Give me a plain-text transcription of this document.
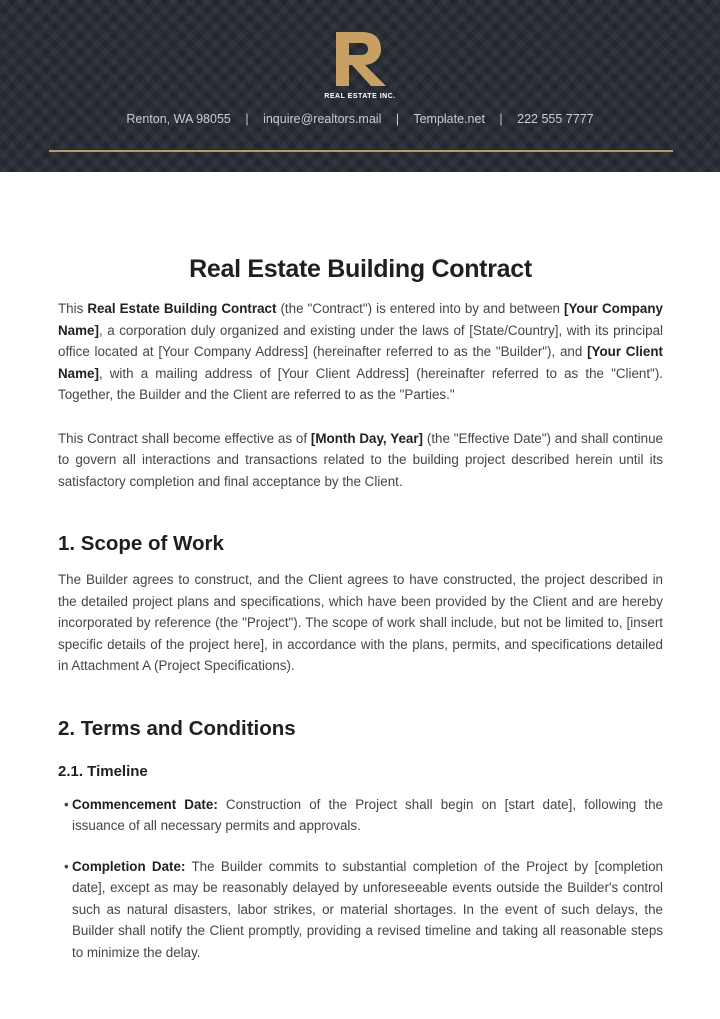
REAL ESTATE INC.
Renton, WA 98055 | inquire@realtors.mail | Template.net | 222 555 7777
Real Estate Building Contract

This Real Estate Building Contract (the "Contract") is entered into by and between [Your Company Name], a corporation duly organized and existing under the laws of [State/Country], with its principal office located at [Your Company Address] (hereinafter referred to as the "Builder"), and [Your Client Name], with a mailing address of [Your Client Address] (hereinafter referred to as the "Client"). Together, the Builder and the Client are referred to as the "Parties."

This Contract shall become effective as of [Month Day, Year] (the "Effective Date") and shall continue to govern all interactions and transactions related to the building project described herein until its satisfactory completion and final acceptance by the Client.

1. Scope of Work

The Builder agrees to construct, and the Client agrees to have constructed, the project described in the detailed project plans and specifications, which have been provided by the Client and are hereby incorporated by reference (the "Project"). The scope of work shall include, but not be limited to, [insert specific details of the project here], in accordance with the plans, permits, and specifications detailed in Attachment A (Project Specifications).

2. Terms and Conditions
2.1. Timeline
• Commencement Date: Construction of the Project shall begin on [start date], following the issuance of all necessary permits and approvals.
• Completion Date: The Builder commits to substantial completion of the Project by [completion date], except as may be reasonably delayed by unforeseeable events outside the Builder's control such as natural disasters, labor strikes, or material shortages. In the event of such delays, the Builder shall notify the Client promptly, providing a revised timeline and taking all reasonable steps to minimize the delay.
